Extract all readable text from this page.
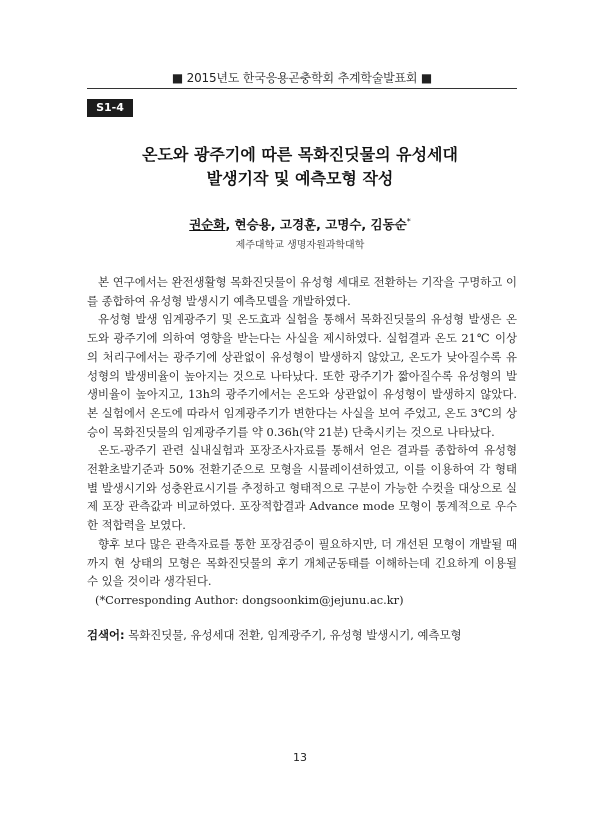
■ 2015년도 한국응용곤충학회 추계학술발표회 ■
S1-4
온도와 광주기에 따른 목화진딧물의 유성세대
발생기작 및 예측모형 작성
권순화, 현승용, 고경훈, 고명수, 김동순*
제주대학교 생명자원과학대학

본 연구에서는 완전생활형 목화진딧물이 유성형 세대로 전환하는 기작을 구명하고 이를 종합하여 유성형 발생시기 예측모델을 개발하였다.

유성형 발생 임계광주기 및 온도효과 실험을 통해서 목화진딧물의 유성형 발생은 온도와 광주기에 의하여 영향을 받는다는 사실을 제시하였다. 실험결과 온도 21℃ 이상의 처리구에서는 광주기에 상관없이 유성형이 발생하지 않았고, 온도가 낮아질수록 유성형의 발생비율이 높아지는 것으로 나타났다. 또한 광주기가 짧아질수록 유성형의 발생비율이 높아지고, 13h의 광주기에서는 온도와 상관없이 유성형이 발생하지 않았다. 본 실험에서 온도에 따라서 임계광주기가 변한다는 사실을 보여 주었고, 온도 3℃의 상승이 목화진딧물의 임계광주기를 약 0.36h(약 21분) 단축시키는 것으로 나타났다.

온도-광주기 관련 실내실험과 포장조사자료를 통해서 얻은 결과를 종합하여 유성형 전환초발기준과 50% 전환기준으로 모형을 시뮬레이션하였고, 이를 이용하여 각 형태별 발생시기와 성충완료시기를 추정하고 형태적으로 구분이 가능한 수컷을 대상으로 실제 포장 관측값과 비교하였다. 포장적합결과 Advance mode 모형이 통계적으로 우수한 적합력을 보였다.

향후 보다 많은 관측자료를 통한 포장검증이 필요하지만, 더 개선된 모형이 개발될 때까지 현 상태의 모형은 목화진딧물의 후기 개체군동태를 이해하는데 긴요하게 이용될 수 있을 것이라 생각된다.

(*Corresponding Author: dongsoonkim@jejunu.ac.kr)

검색어: 목화진딧물, 유성세대 전환, 임계광주기, 유성형 발생시기, 예측모형
13
